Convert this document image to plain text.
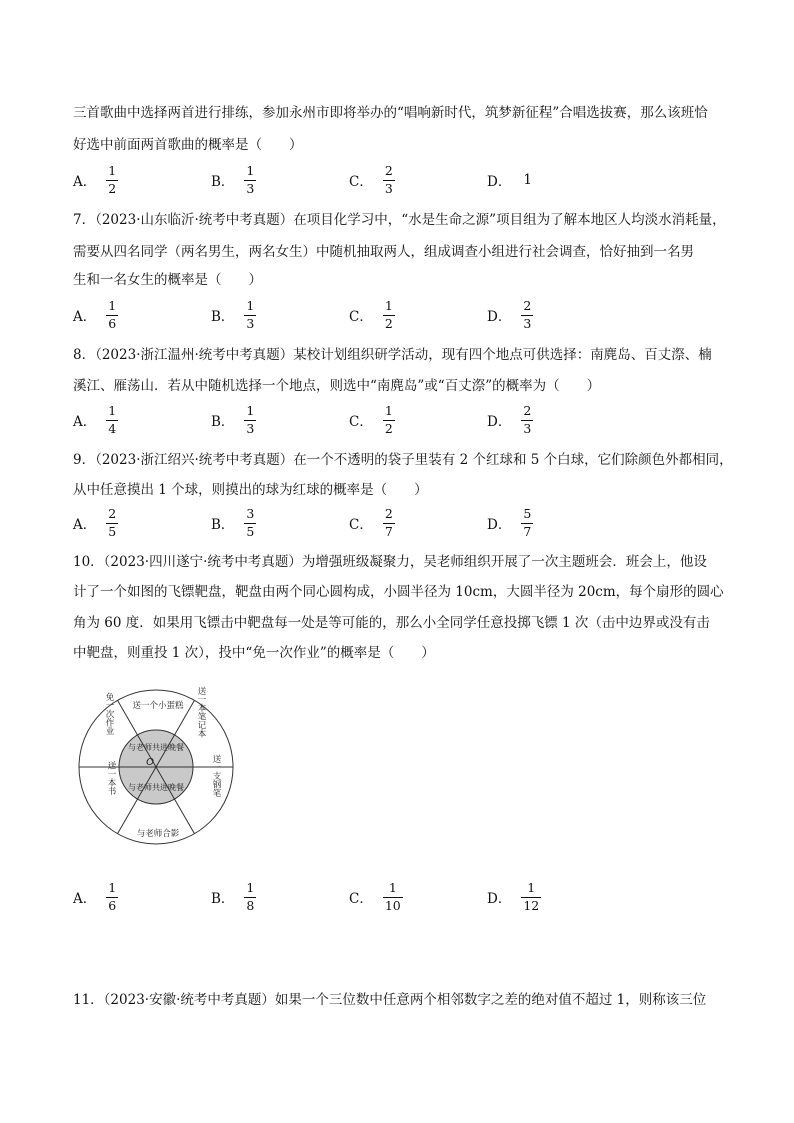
三首歌曲中选择两首进行排练，参加永州市即将举办的“唱响新时代，筑梦新征程”合唱选拔赛，那么该班恰
好选中前面两首歌曲的概率是（　　）
A． $\frac{1}{2}$	B． $\frac{1}{3}$	C． $\frac{2}{3}$	D． 1
7．（2023·山东临沂·统考中考真题）在项目化学习中，“水是生命之源”项目组为了解本地区人均淡水消耗量，
需要从四名同学（两名男生，两名女生）中随机抽取两人，组成调查小组进行社会调查，恰好抽到一名男
生和一名女生的概率是（　　）
A． $\frac{1}{6}$	B． $\frac{1}{3}$	C． $\frac{1}{2}$	D． $\frac{2}{3}$
8．（2023·浙江温州·统考中考真题）某校计划组织研学活动，现有四个地点可供选择：南麂岛、百丈漈、楠
溪江、雁荡山．若从中随机选择一个地点，则选中“南麂岛”或“百丈漈”的概率为（　　）
A． $\frac{1}{4}$	B． $\frac{1}{3}$	C． $\frac{1}{2}$	D． $\frac{2}{3}$
9．（2023·浙江绍兴·统考中考真题）在一个不透明的袋子里装有 2 个红球和 5 个白球，它们除颜色外都相同，
从中任意摸出 1 个球，则摸出的球为红球的概率是（　　）
A． $\frac{2}{5}$	B． $\frac{3}{5}$	C． $\frac{2}{7}$	D． $\frac{5}{7}$
10．（2023·四川遂宁·统考中考真题）为增强班级凝聚力，吴老师组织开展了一次主题班会．班会上，他设
计了一个如图的飞镖靶盘，靶盘由两个同心圆构成，小圆半径为 10cm，大圆半径为 20cm，每个扇形的圆心
角为 60 度．如果用飞镖击中靶盘每一处是等可能的，那么小全同学任意投掷飞镖 1 次（击中边界或没有击
中靶盘，则重投 1 次），投中“免一次作业”的概率是（　　）
送一个小蛋糕 送一本笔记本
送一支钢笔
与老师合影
送一本书
免一次作业
与老师共进晚餐
与老师共进晚餐
O
A． $\frac{1}{6}$	B． $\frac{1}{8}$	C． $\frac{1}{10}$	D． $\frac{1}{12}$
11．（2023·安徽·统考中考真题）如果一个三位数中任意两个相邻数字之差的绝对值不超过 1，则称该三位
